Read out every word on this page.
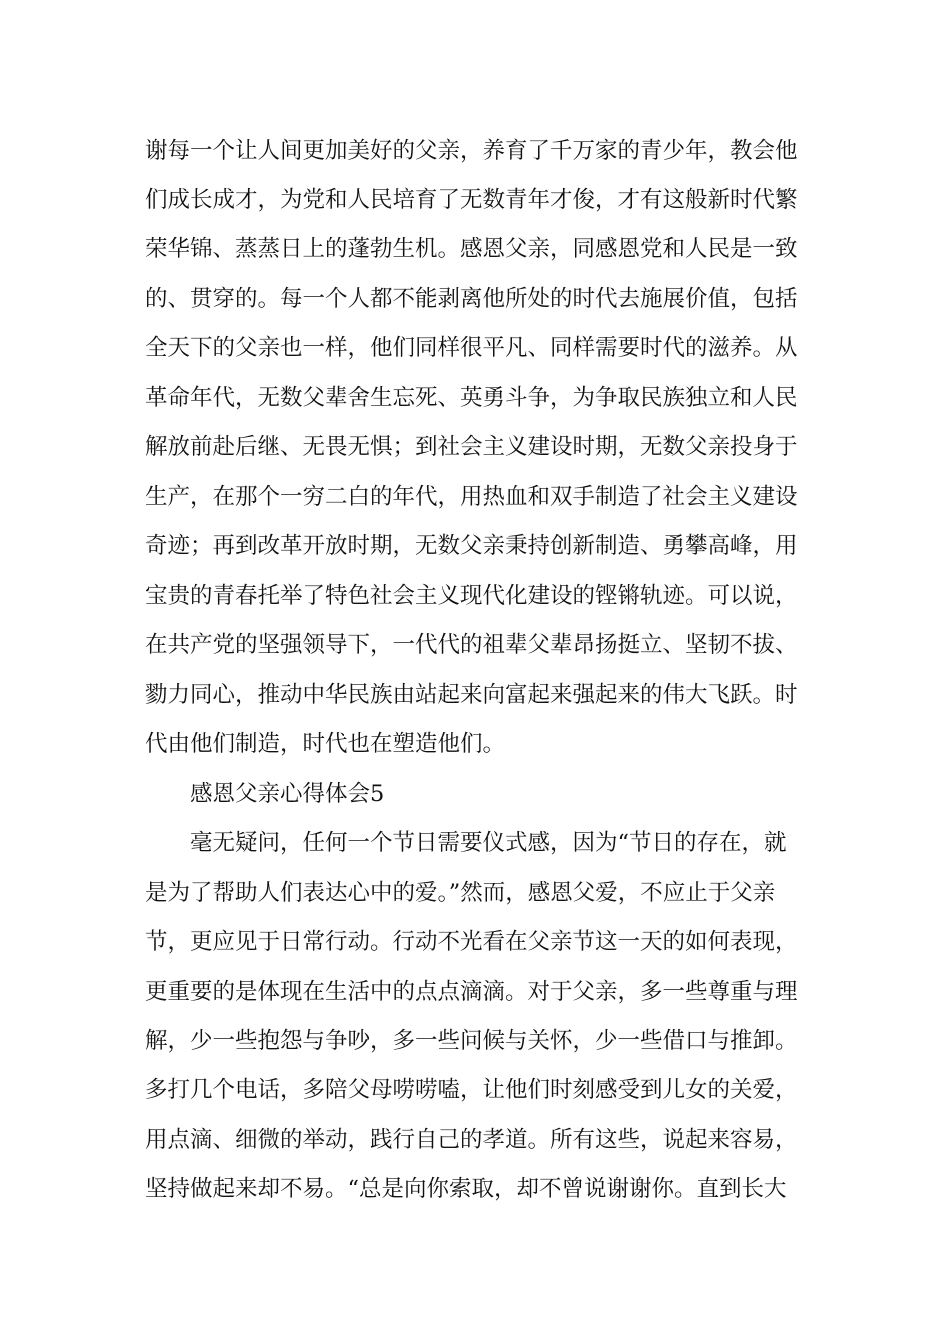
谢每一个让人间更加美好的父亲，养育了千万家的青少年，教会他
们成长成才，为党和人民培育了无数青年才俊，才有这般新时代繁
荣华锦、蒸蒸日上的蓬勃生机。感恩父亲，同感恩党和人民是一致
的、贯穿的。每一个人都不能剥离他所处的时代去施展价值，包括
全天下的父亲也一样，他们同样很平凡、同样需要时代的滋养。从
革命年代，无数父辈舍生忘死、英勇斗争，为争取民族独立和人民
解放前赴后继、无畏无惧；到社会主义建设时期，无数父亲投身于
生产，在那个一穷二白的年代，用热血和双手制造了社会主义建设
奇迹；再到改革开放时期，无数父亲秉持创新制造、勇攀高峰，用
宝贵的青春托举了特色社会主义现代化建设的铿锵轨迹。可以说，
在共产党的坚强领导下，一代代的祖辈父辈昂扬挺立、坚韧不拔、
勠力同心，推动中华民族由站起来向富起来强起来的伟大飞跃。时
代由他们制造，时代也在塑造他们。
感恩父亲心得体会5
毫无疑问，任何一个节日需要仪式感，因为“节日的存在，就
是为了帮助人们表达心中的爱。”然而，感恩父爱，不应止于父亲
节，更应见于日常行动。行动不光看在父亲节这一天的如何表现，
更重要的是体现在生活中的点点滴滴。对于父亲，多一些尊重与理
解，少一些抱怨与争吵，多一些问候与关怀，少一些借口与推卸。
多打几个电话，多陪父母唠唠嗑，让他们时刻感受到儿女的关爱，
用点滴、细微的举动，践行自己的孝道。所有这些，说起来容易，
坚持做起来却不易。“总是向你索取，却不曾说谢谢你。直到长大
